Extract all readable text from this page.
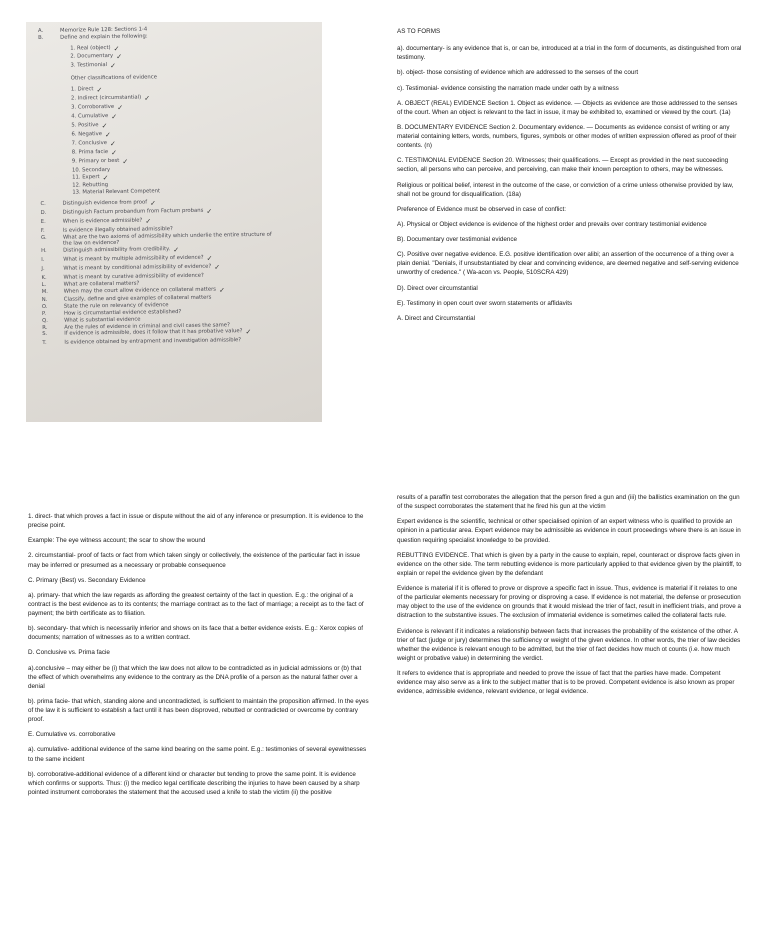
A.	Memorize Rule 128: Sections 1-4
B.	Define and explain the following:
1. Real (object) ✓
2. Documentary ✓
3. Testimonial ✓
Other classifications of evidence
1. Direct ✓
2. Indirect (circumstantial) ✓
3. Corroborative ✓
4. Cumulative ✓
5. Positive ✓
6. Negative ✓
7. Conclusive ✓
8. Prima facie ✓
9. Primary or best ✓
10. Secondary
11. Expert ✓
12. Rebutting
13. Material Relevant Competent
C.	Distinguish evidence from proof ✓
D.	Distinguish Factum probandum from Factum probans ✓
E.	When is evidence admissible? ✓
F.	Is evidence illegally obtained admissible?
G.	What are the two axioms of admissibility which underlie the entire structure of
the law on evidence?
H.	Distinguish admissibility from credibility. ✓
I.	What is meant by multiple admissibility of evidence? ✓
J.	What is meant by conditional admissibility of evidence? ✓
K.	What is meant by curative admissibility of evidence?
L.	What are collateral matters?
M.	When may the court allow evidence on collateral matters ✓
N.	Classify, define and give examples of collateral matters
O.	State the rule on relevancy of evidence
P.	How is circumstantial evidence established?
Q.	What is substantial evidence
R.	Are the rules of evidence in criminal and civil cases the same?
S.	If evidence is admissible, does it follow that it has probative value? ✓
T.	Is evidence obtained by entrapment and investigation admissible?

AS TO FORMS

a). documentary- is any evidence that is, or can be, introduced at a trial in the form of documents, as distinguished from oral testimony.

b). object- those consisting of evidence which are addressed to the senses of the court

c). Testimonial- evidence consisting the narration made under oath by a witness

A. OBJECT (REAL) EVIDENCE Section 1. Object as evidence. — Objects as evidence are those addressed to the senses of the court. When an object is relevant to the fact in issue, it may be exhibited to, examined or viewed by the court. (1a)

B. DOCUMENTARY EVIDENCE Section 2. Documentary evidence. — Documents as evidence consist of writing or any material containing letters, words, numbers, figures, symbols or other modes of written expression offered as proof of their contents. (n)

C. TESTIMONIAL EVIDENCE Section 20. Witnesses; their qualifications. — Except as provided in the next succeeding section, all persons who can perceive, and perceiving, can make their known perception to others, may be witnesses.

Religious or political belief, interest in the outcome of the case, or conviction of a crime unless otherwise provided by law, shall not be ground for disqualification. (18a)

Preference of Evidence must be observed in case of conflict:

A). Physical or Object evidence is evidence of the highest order and prevails over contrary testimonial evidence

B). Documentary over testimonial evidence

C). Positive over negative evidence. E.G. positive identification over alibi; an assertion of the occurrence of a thing over a plain denial. "Denials, if unsubstantiated by clear and convincing evidence, are deemed negative and self-serving evidence unworthy of credence." ( Wa-acon vs. People, 510SCRA 429)

D). Direct over circumstantial

E). Testimony in open court over sworn statements or affidavits

A. Direct and Circumstantial

1. direct- that which proves a fact in issue or dispute without the aid of any inference or presumption. It is evidence to the precise point.

Example: The eye witness account; the scar to show the wound

2. circumstantial- proof of facts or fact from which taken singly or collectively, the existence of the particular fact in issue may be inferred or presumed as a necessary or probable consequence

C. Primary (Best) vs. Secondary Evidence

a). primary- that which the law regards as affording the greatest certainty of the fact in question. E.g.: the original of a contract is the best evidence as to its contents; the marriage contract as to the fact of marriage; a receipt as to the fact of payment; the birth certificate as to filiation.

b). secondary- that which is necessarily inferior and shows on its face that a better evidence exists. E.g.: Xerox copies of documents; narration of witnesses as to a written contract.

D. Conclusive vs. Prima facie

a).conclusive – may either be (i) that which the law does not allow to be contradicted as in judicial admissions or (b) that the effect of which overwhelms any evidence to the contrary as the DNA profile of a person as the natural father over a denial

b). prima facie- that which, standing alone and uncontradicted, is sufficient to maintain the proposition affirmed. In the eyes of the law it is sufficient to establish a fact until it has been disproved, rebutted or contradicted or overcome by contrary proof.

E. Cumulative vs. corroborative

a). cumulative- additional evidence of the same kind bearing on the same point. E.g.: testimonies of several eyewitnesses to the same incident

b). corroborative-additional evidence of a different kind or character but tending to prove the same point. It is evidence which confirms or supports. Thus: (i) the medico legal certificate describing the injuries to have been caused by a sharp pointed instrument corroborates the statement that the accused used a knife to stab the victim (ii) the positive

results of a paraffin test corroborates the allegation that the person fired a gun and (iii) the ballistics examination on the gun of the suspect corroborates the statement that he fired his gun at the victim

Expert evidence is the scientific, technical or other specialised opinion of an expert witness who is qualified to provide an opinion in a particular area. Expert evidence may be admissible as evidence in court proceedings where there is an issue in question requiring specialist knowledge to be provided.

REBUTTING EVIDENCE. That which is given by a party in the cause to explain, repel, counteract or disprove facts given in evidence on the other side. The term rebutting evidence is more particularly applied to that evidence given by the plaintiff, to explain or repel the evidence given by the defendant

Evidence is material if it is offered to prove or disprove a specific fact in issue. Thus, evidence is material if it relates to one of the particular elements necessary for proving or disproving a case. If evidence is not material, the defense or prosecution may object to the use of the evidence on grounds that it would mislead the trier of fact, result in inefficient trials, and prove a distraction to the substantive issues. The exclusion of immaterial evidence is sometimes called the collateral facts rule.

Evidence is relevant if it indicates a relationship between facts that increases the probability of the existence of the other. A trier of fact (judge or jury) determines the sufficiency or weight of the given evidence. In other words, the trier of law decides whether the evidence is relevant enough to be admitted, but the trier of fact decides how much ot counts (i.e. how much weight or probative value) in determining the verdict.

It refers to evidence that is appropriate and needed to prove the issue of fact that the parties have made. Competent evidence may also serve as a link to the subject matter that is to be proved. Competent evidence is also known as proper evidence, admissible evidence, relevant evidence, or legal evidence.
